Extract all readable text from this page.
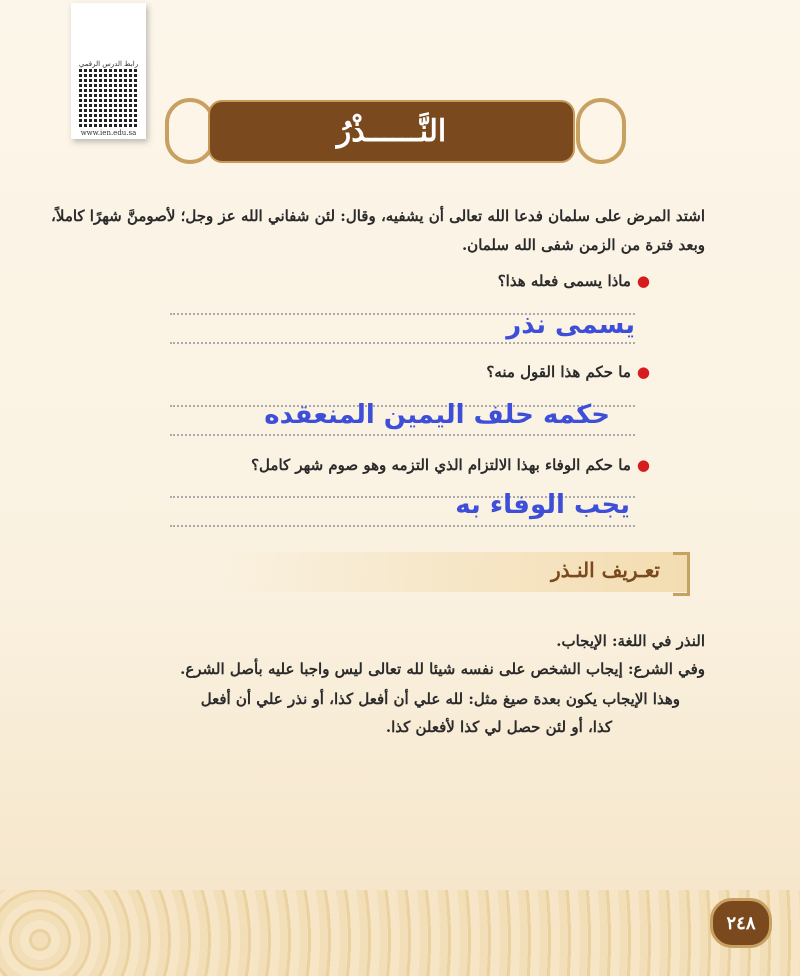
رابط الدرس الرقمي
www.ien.edu.sa	النَّــــــذْرُ
اشتد المرض على سلمان فدعا الله تعالى أن يشفيه، وقال: لئن شفاني الله عز وجل؛ لأصومنَّ شهرًا كاملاً،
وبعد فترة من الزمن شفى الله سلمان.
●ماذا يسمى فعله هذا؟
يسمى نذر
●ما حكم هذا القول منه؟
حكمه حلف اليمين المنعقده
●ما حكم الوفاء بهذا الالتزام الذي التزمه وهو صوم شهر كامل؟
يجب الوفاء به
تعـريف النـذر
النذر في اللغة: الإيجاب.
وفي الشرع: إيجاب الشخص على نفسه شيئا لله تعالى ليس واجبا عليه بأصل الشرع.
وهذا الإيجاب يكون بعدة صيغ مثل: لله علي أن أفعل كذا، أو نذر علي أن أفعل
كذا، أو لئن حصل لي كذا لأفعلن كذا.
٢٤٨
